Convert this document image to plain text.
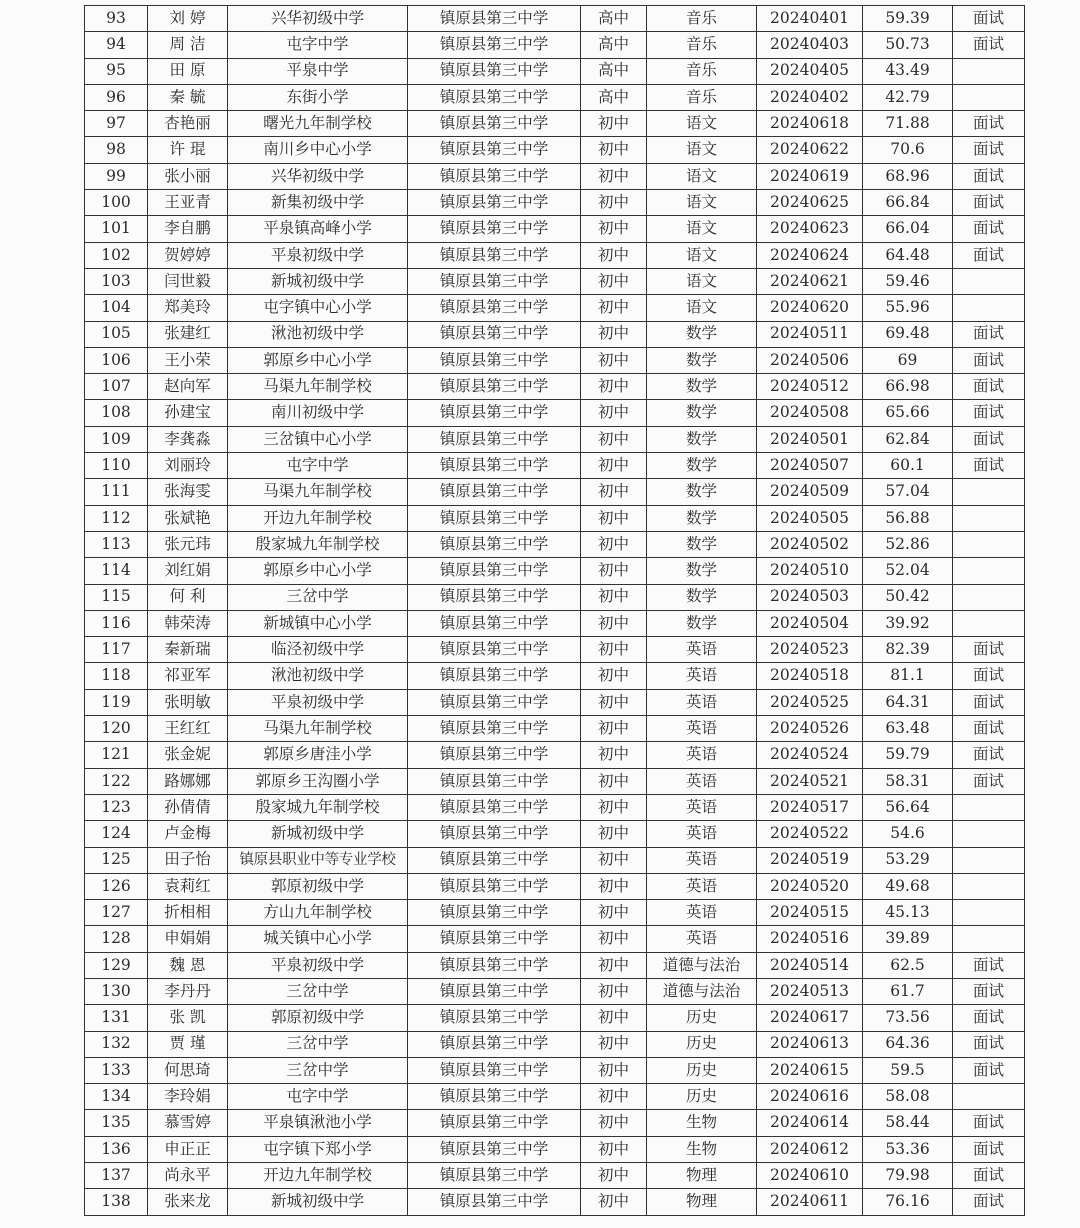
93	刘 婷	兴华初级中学	镇原县第三中学	高中	音乐	20240401	59.39	面试
94	周 洁	屯字中学	镇原县第三中学	高中	音乐	20240403	50.73	面试
95	田 原	平泉中学	镇原县第三中学	高中	音乐	20240405	43.49	
96	秦 毓	东街小学	镇原县第三中学	高中	音乐	20240402	42.79	
97	杏艳丽	曙光九年制学校	镇原县第三中学	初中	语文	20240618	71.88	面试
98	许 琨	南川乡中心小学	镇原县第三中学	初中	语文	20240622	70.6	面试
99	张小丽	兴华初级中学	镇原县第三中学	初中	语文	20240619	68.96	面试
100	王亚青	新集初级中学	镇原县第三中学	初中	语文	20240625	66.84	面试
101	李自鹏	平泉镇高峰小学	镇原县第三中学	初中	语文	20240623	66.04	面试
102	贺婷婷	平泉初级中学	镇原县第三中学	初中	语文	20240624	64.48	面试
103	闫世毅	新城初级中学	镇原县第三中学	初中	语文	20240621	59.46	
104	郑美玲	屯字镇中心小学	镇原县第三中学	初中	语文	20240620	55.96	
105	张建红	湫池初级中学	镇原县第三中学	初中	数学	20240511	69.48	面试
106	王小荣	郭原乡中心小学	镇原县第三中学	初中	数学	20240506	69	面试
107	赵向军	马渠九年制学校	镇原县第三中学	初中	数学	20240512	66.98	面试
108	孙建宝	南川初级中学	镇原县第三中学	初中	数学	20240508	65.66	面试
109	李龚淼	三岔镇中心小学	镇原县第三中学	初中	数学	20240501	62.84	面试
110	刘丽玲	屯字中学	镇原县第三中学	初中	数学	20240507	60.1	面试
111	张海雯	马渠九年制学校	镇原县第三中学	初中	数学	20240509	57.04	
112	张斌艳	开边九年制学校	镇原县第三中学	初中	数学	20240505	56.88	
113	张元玮	殷家城九年制学校	镇原县第三中学	初中	数学	20240502	52.86	
114	刘红娟	郭原乡中心小学	镇原县第三中学	初中	数学	20240510	52.04	
115	何 利	三岔中学	镇原县第三中学	初中	数学	20240503	50.42	
116	韩荣涛	新城镇中心小学	镇原县第三中学	初中	数学	20240504	39.92	
117	秦新瑞	临泾初级中学	镇原县第三中学	初中	英语	20240523	82.39	面试
118	祁亚军	湫池初级中学	镇原县第三中学	初中	英语	20240518	81.1	面试
119	张明敏	平泉初级中学	镇原县第三中学	初中	英语	20240525	64.31	面试
120	王红红	马渠九年制学校	镇原县第三中学	初中	英语	20240526	63.48	面试
121	张金妮	郭原乡唐洼小学	镇原县第三中学	初中	英语	20240524	59.79	面试
122	路娜娜	郭原乡王沟圈小学	镇原县第三中学	初中	英语	20240521	58.31	面试
123	孙倩倩	殷家城九年制学校	镇原县第三中学	初中	英语	20240517	56.64	
124	卢金梅	新城初级中学	镇原县第三中学	初中	英语	20240522	54.6	
125	田子怡	镇原县职业中等专业学校	镇原县第三中学	初中	英语	20240519	53.29	
126	袁莉红	郭原初级中学	镇原县第三中学	初中	英语	20240520	49.68	
127	折相相	方山九年制学校	镇原县第三中学	初中	英语	20240515	45.13	
128	申娟娟	城关镇中心小学	镇原县第三中学	初中	英语	20240516	39.89	
129	魏 恩	平泉初级中学	镇原县第三中学	初中	道德与法治	20240514	62.5	面试
130	李丹丹	三岔中学	镇原县第三中学	初中	道德与法治	20240513	61.7	面试
131	张 凯	郭原初级中学	镇原县第三中学	初中	历史	20240617	73.56	面试
132	贾 瑾	三岔中学	镇原县第三中学	初中	历史	20240613	64.36	面试
133	何思琦	三岔中学	镇原县第三中学	初中	历史	20240615	59.5	面试
134	李玲娟	屯字中学	镇原县第三中学	初中	历史	20240616	58.08	
135	慕雪婷	平泉镇湫池小学	镇原县第三中学	初中	生物	20240614	58.44	面试
136	申正正	屯字镇下郑小学	镇原县第三中学	初中	生物	20240612	53.36	面试
137	尚永平	开边九年制学校	镇原县第三中学	初中	物理	20240610	79.98	面试
138	张来龙	新城初级中学	镇原县第三中学	初中	物理	20240611	76.16	面试
